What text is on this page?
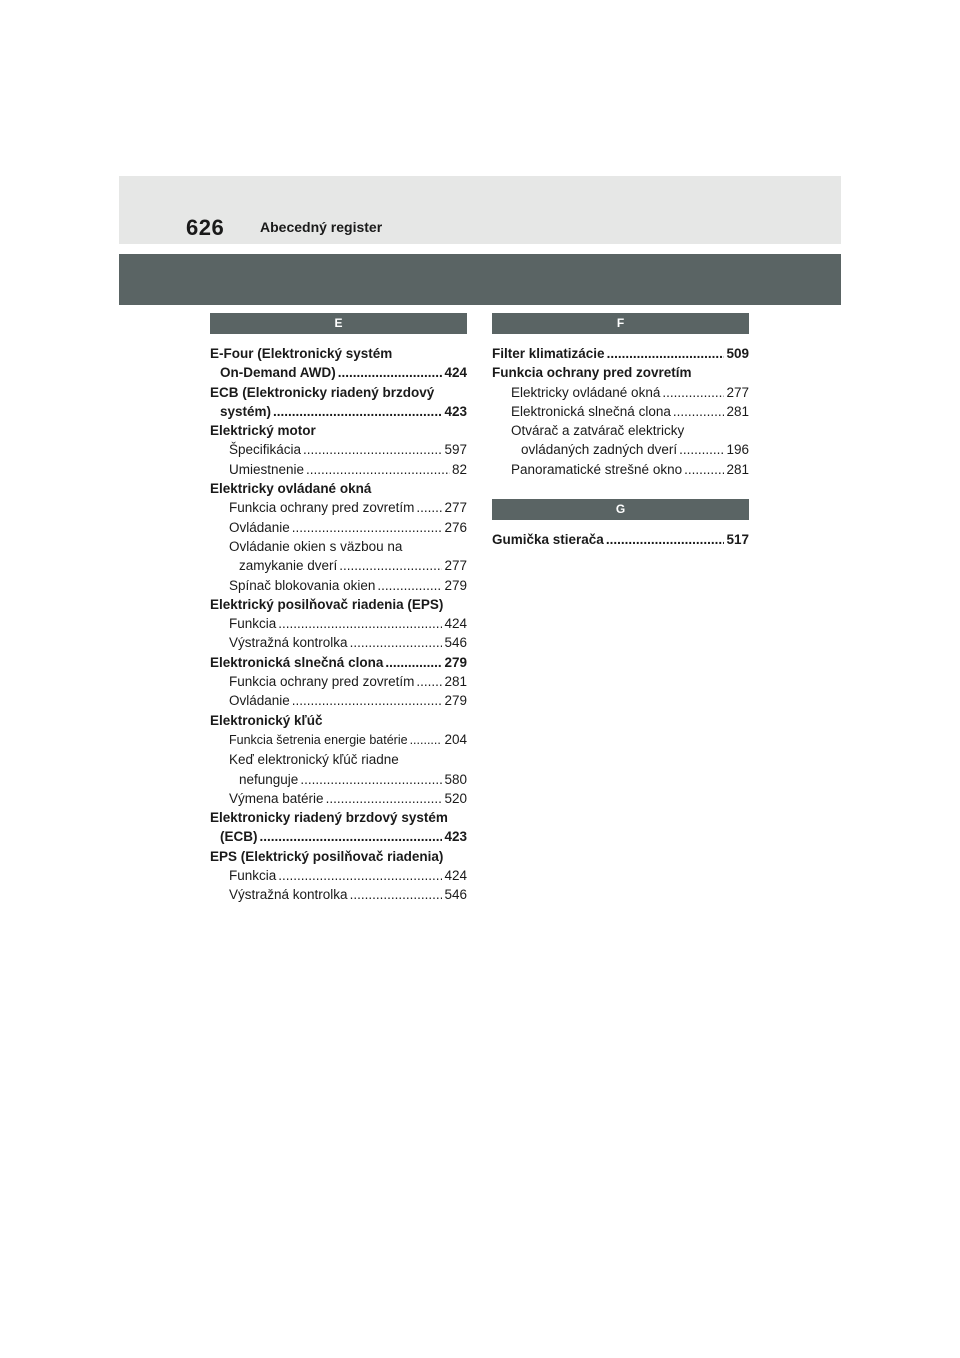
626	Abecedný register
E
E-Four (Elektronický systém
On-Demand AWD) .....	424
ECB (Elektronicky riadený brzdový
systém) .....	423
Elektrický motor
Špecifikácia .....	597
Umiestnenie .....	82
Elektricky ovládané okná
Funkcia ochrany pred zovretím ..... 277
Ovládanie .....	276
Ovládanie okien s väzbou na
zamykanie dverí .....	277
Spínač blokovania okien .....	279
Elektrický posilňovač riadenia (EPS)
Funkcia .....	424
Výstražná kontrolka .....	546
Elektronická slnečná clona .....	279
Funkcia ochrany pred zovretím ..... 281
Ovládanie .....	279
Elektronický kľúč
Funkcia šetrenia energie batérie .....	204
Keď elektronický kľúč riadne
nefunguje .....	580
Výmena batérie .....	520
Elektronicky riadený brzdový systém
(ECB) .....	423
EPS (Elektrický posilňovač riadenia)
Funkcia .....	424
Výstražná kontrolka .....	546
F
Filter klimatizácie .....	509
Funkcia ochrany pred zovretím
Elektricky ovládané okná .....	277
Elektronická slnečná clona .....	281
Otvárač a zatvárač elektricky
ovládaných zadných dverí .....	196
Panoramatické strešné okno .....	281
G
Gumička stierača .....	517
